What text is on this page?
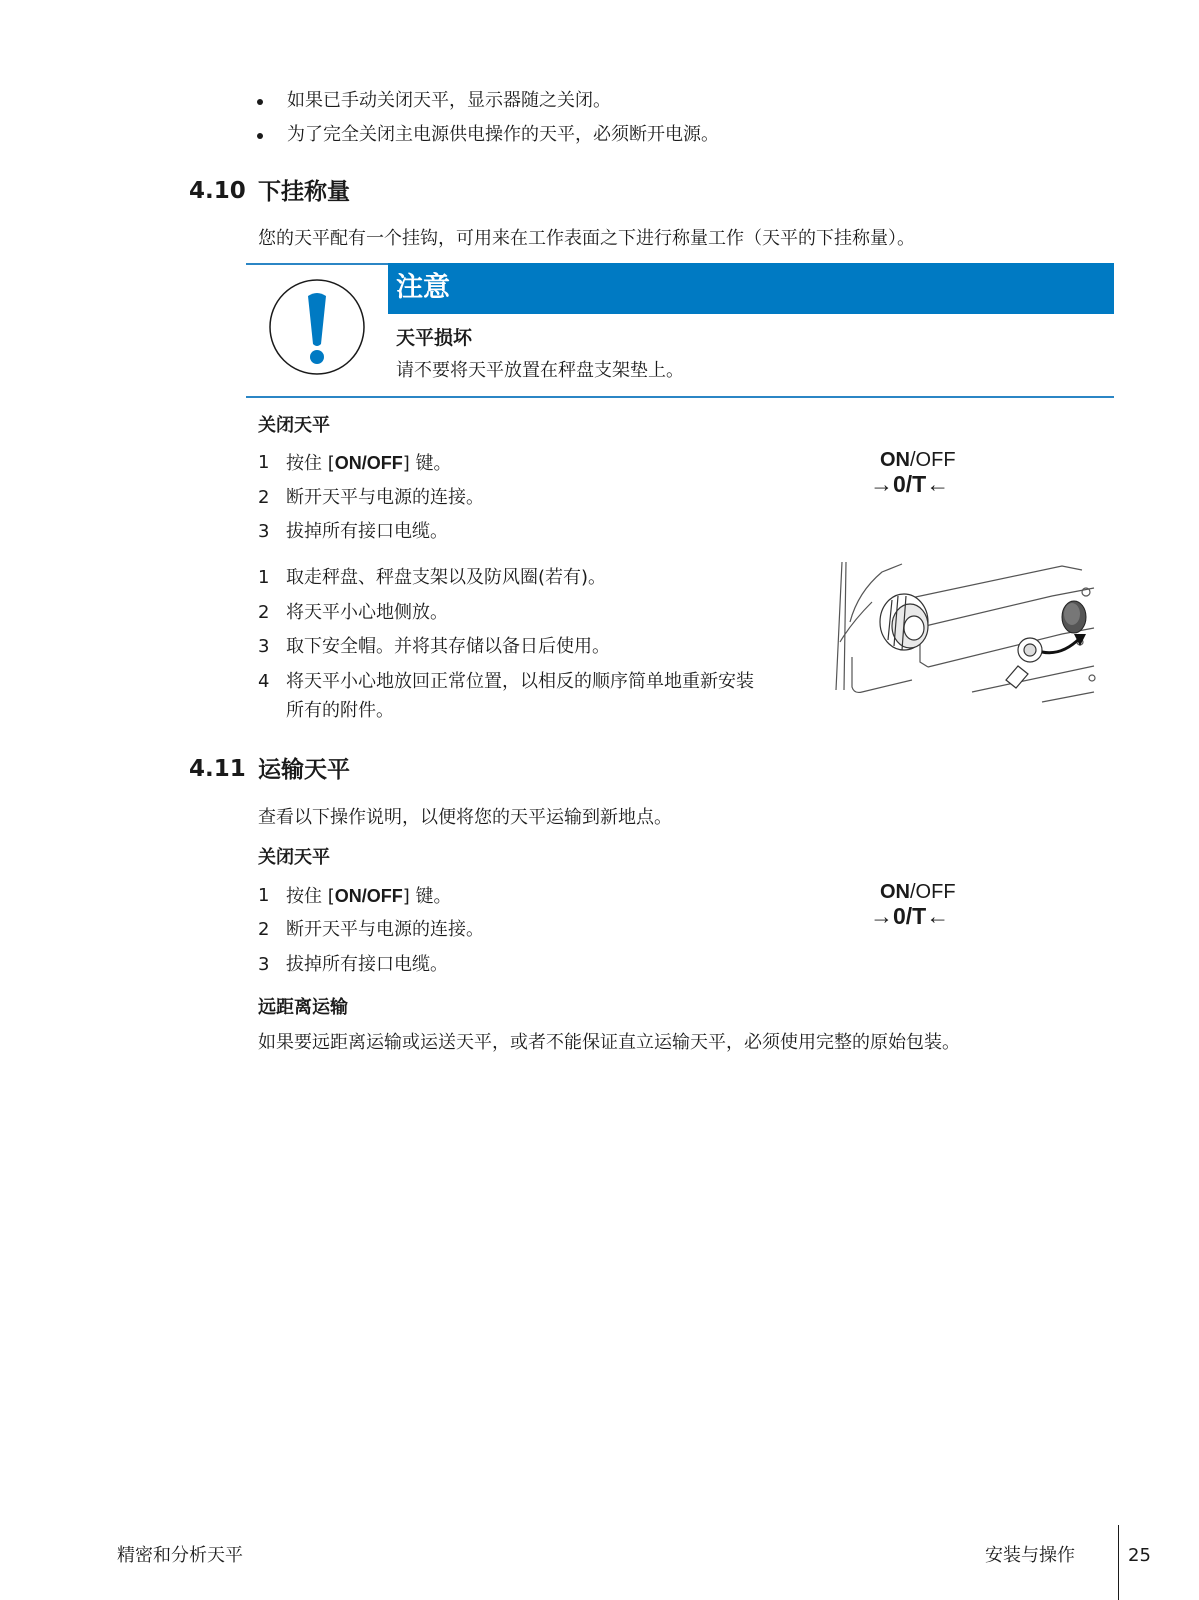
如果已手动关闭天平，显示器随之关闭。
为了完全关闭主电源供电操作的天平，必须断开电源。
4.10 下挂称量
您的天平配有一个挂钩，可用来在工作表面之下进行称量工作（天平的下挂称量）。
注意
天平损坏
请不要将天平放置在秤盘支架垫上。
关闭天平
1 按住 [ON/OFF] 键。
2 断开天平与电源的连接。
3 拔掉所有接口电缆。
ON/OFF
→0/T←
1 取走秤盘、秤盘支架以及防风圈(若有)。
2 将天平小心地侧放。
3 取下安全帽。并将其存储以备日后使用。
4 将天平小心地放回正常位置，以相反的顺序简单地重新安装
所有的附件。
4.11 运输天平
查看以下操作说明，以便将您的天平运输到新地点。
关闭天平
1 按住 [ON/OFF] 键。
2 断开天平与电源的连接。
3 拔掉所有接口电缆。
ON/OFF
→0/T←
远距离运输
如果要远距离运输或运送天平，或者不能保证直立运输天平，必须使用完整的原始包装。
精密和分析天平	安装与操作	25
